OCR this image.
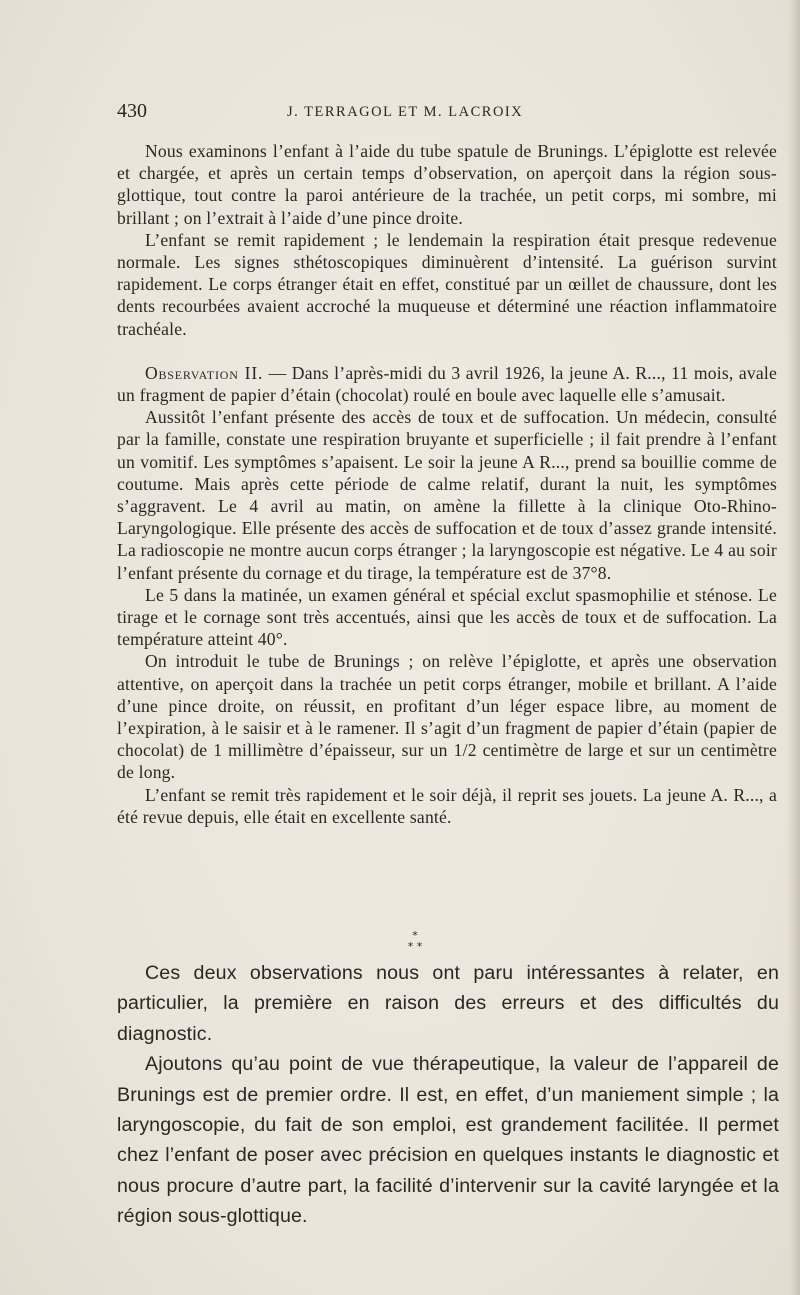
430	J. TERRAGOL ET M. LACROIX

Nous examinons l’enfant à l’aide du tube spatule de Brunings. L’épiglotte est relevée et chargée, et après un certain temps d’observation, on aperçoit dans la région sous-glottique, tout contre la paroi antérieure de la trachée, un petit corps, mi sombre, mi brillant ; on l’extrait à l’aide d’une pince droite.

L’enfant se remit rapidement ; le lendemain la respiration était presque redevenue normale. Les signes sthétoscopiques diminuèrent d’intensité. La guérison survint rapidement. Le corps étranger était en effet, constitué par un œillet de chaussure, dont les dents recourbées avaient accroché la muqueuse et déterminé une réaction inflammatoire trachéale.

Observation II. — Dans l’après-midi du 3 avril 1926, la jeune A. R..., 11 mois, avale un fragment de papier d’étain (chocolat) roulé en boule avec laquelle elle s’amusait.

Aussitôt l’enfant présente des accès de toux et de suffocation. Un médecin, consulté par la famille, constate une respiration bruyante et superficielle ; il fait prendre à l’enfant un vomitif. Les symptômes s’apaisent. Le soir la jeune A R..., prend sa bouillie comme de coutume. Mais après cette période de calme relatif, durant la nuit, les symptômes s’aggravent. Le 4 avril au matin, on amène la fillette à la clinique Oto-Rhino-Laryngologique. Elle présente des accès de suffocation et de toux d’assez grande intensité. La radioscopie ne montre aucun corps étranger ; la laryngoscopie est négative. Le 4 au soir l’enfant présente du cornage et du tirage, la température est de 37°8.

Le 5 dans la matinée, un examen général et spécial exclut spasmophilie et sténose. Le tirage et le cornage sont très accentués, ainsi que les accès de toux et de suffocation. La température atteint 40°.

On introduit le tube de Brunings ; on relève l’épiglotte, et après une observation attentive, on aperçoit dans la trachée un petit corps étranger, mobile et brillant. A l’aide d’une pince droite, on réussit, en profitant d’un léger espace libre, au moment de l’expiration, à le saisir et à le ramener. Il s’agit d’un fragment de papier d’étain (papier de chocolat) de 1 millimètre d’épaisseur, sur un 1/2 centimètre de large et sur un centimètre de long.

L’enfant se remit très rapidement et le soir déjà, il reprit ses jouets. La jeune A. R..., a été revue depuis, elle était en excellente santé.

*
* *

Ces deux observations nous ont paru intéressantes à relater, en particulier, la première en raison des erreurs et des difficultés du diagnostic.

Ajoutons qu’au point de vue thérapeutique, la valeur de l’appareil de Brunings est de premier ordre. Il est, en effet, d’un maniement simple ; la laryngoscopie, du fait de son emploi, est grandement facilitée. Il permet chez l’enfant de poser avec précision en quelques instants le diagnostic et nous procure d’autre part, la facilité d’intervenir sur la cavité laryngée et la région sous-glottique.
